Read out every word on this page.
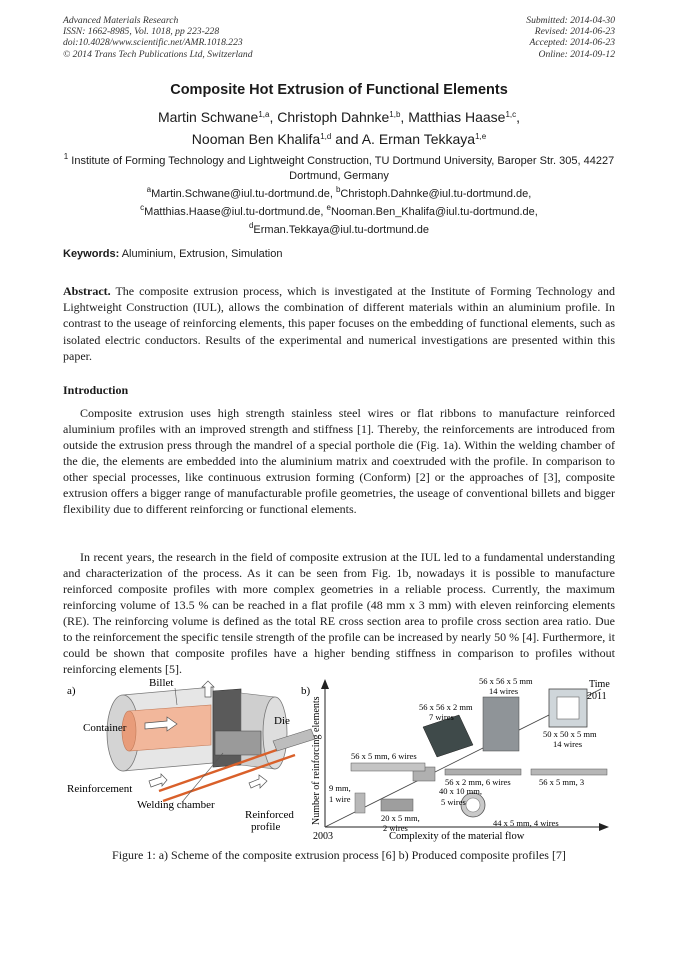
Advanced Materials Research
ISSN: 1662-8985, Vol. 1018, pp 223-228
doi:10.4028/www.scientific.net/AMR.1018.223
© 2014 Trans Tech Publications Ltd, Switzerland
Submitted: 2014-04-30
Revised: 2014-06-23
Accepted: 2014-06-23
Online: 2014-09-12
Composite Hot Extrusion of Functional Elements
Martin Schwane$^{1,a}$, Christoph Dahnke$^{1,b}$, Matthias Haase$^{1,c}$,
Nooman Ben Khalifa$^{1,d}$ and A. Erman Tekkaya$^{1,e}$
$^1$ Institute of Forming Technology and Lightweight Construction, TU Dortmund University, Baroper Str. 305, 44227 Dortmund, Germany
$^a$Martin.Schwane@iul.tu-dortmund.de, $^b$Christoph.Dahnke@iul.tu-dortmund.de,
$^c$Matthias.Haase@iul.tu-dortmund.de, $^e$Nooman.Ben_Khalifa@iul.tu-dortmund.de,
$^d$Erman.Tekkaya@iul.tu-dortmund.de
Keywords: Aluminium, Extrusion, Simulation
Abstract. The composite extrusion process, which is investigated at the Institute of Forming Technology and Lightweight Construction (IUL), allows the combination of different materials within an aluminium profile. In contrast to the useage of reinforcing elements, this paper focuses on the embedding of functional elements, such as isolated electric conductors. Results of the experimental and numerical investigations are presented within this paper.
Introduction
Composite extrusion uses high strength stainless steel wires or flat ribbons to manufacture reinforced aluminium profiles with an improved strength and stiffness [1]. Thereby, the reinforcements are introduced from outside the extrusion press through the mandrel of a special porthole die (Fig. 1a). Within the welding chamber of the die, the elements are embedded into the aluminium matrix and coextruded with the profile. In comparison to other special processes, like continuous extrusion forming (Conform) [2] or the approaches of [3], composite extrusion offers a bigger range of manufacturable profile geometries, the useage of conventional billets and bigger flexibility due to different reinforcing or functional elements.
In recent years, the research in the field of composite extrusion at the IUL led to a fundamental understanding and characterization of the process. As it can be seen from Fig. 1b, nowadays it is possible to manufacture reinforced composite profiles with more complex geometries in a reliable process. Currently, the maximum reinforcing volume of 13.5 % can be reached in a flat profile (48 mm x 3 mm) with eleven reinforcing elements (RE). The reinforcing volume is defined as the total RE cross section area to profile cross section area ratio. Due to the reinforcement the specific tensile strength of the profile can be increased by nearly 50 % [4]. Furthermore, it could be shown that composite profiles have a higher bending stiffness in comparison to profiles without reinforcing elements [5].
a)
Billet
Container
Die
Reinforcement
Welding chamber
Reinforced
profile
b)
Number of reinforcing elements
Complexity of the material flow
2003
Time
2011
9 mm,
1 wire
20 x 5 mm,
2 wires
40 x 10 mm,
5 wires
44 x 5 mm, 4 wires
56 x 5 mm, 6 wires
56 x 2 mm, 6 wires	56 x 5 mm, 3
56 x 56 x 2 mm
7 wires
56 x 56 x 5 mm
14 wires
50 x 50 x 5 mm
14 wires
Figure 1: a) Scheme of the composite extrusion process [6] b) Produced composite profiles [7]
